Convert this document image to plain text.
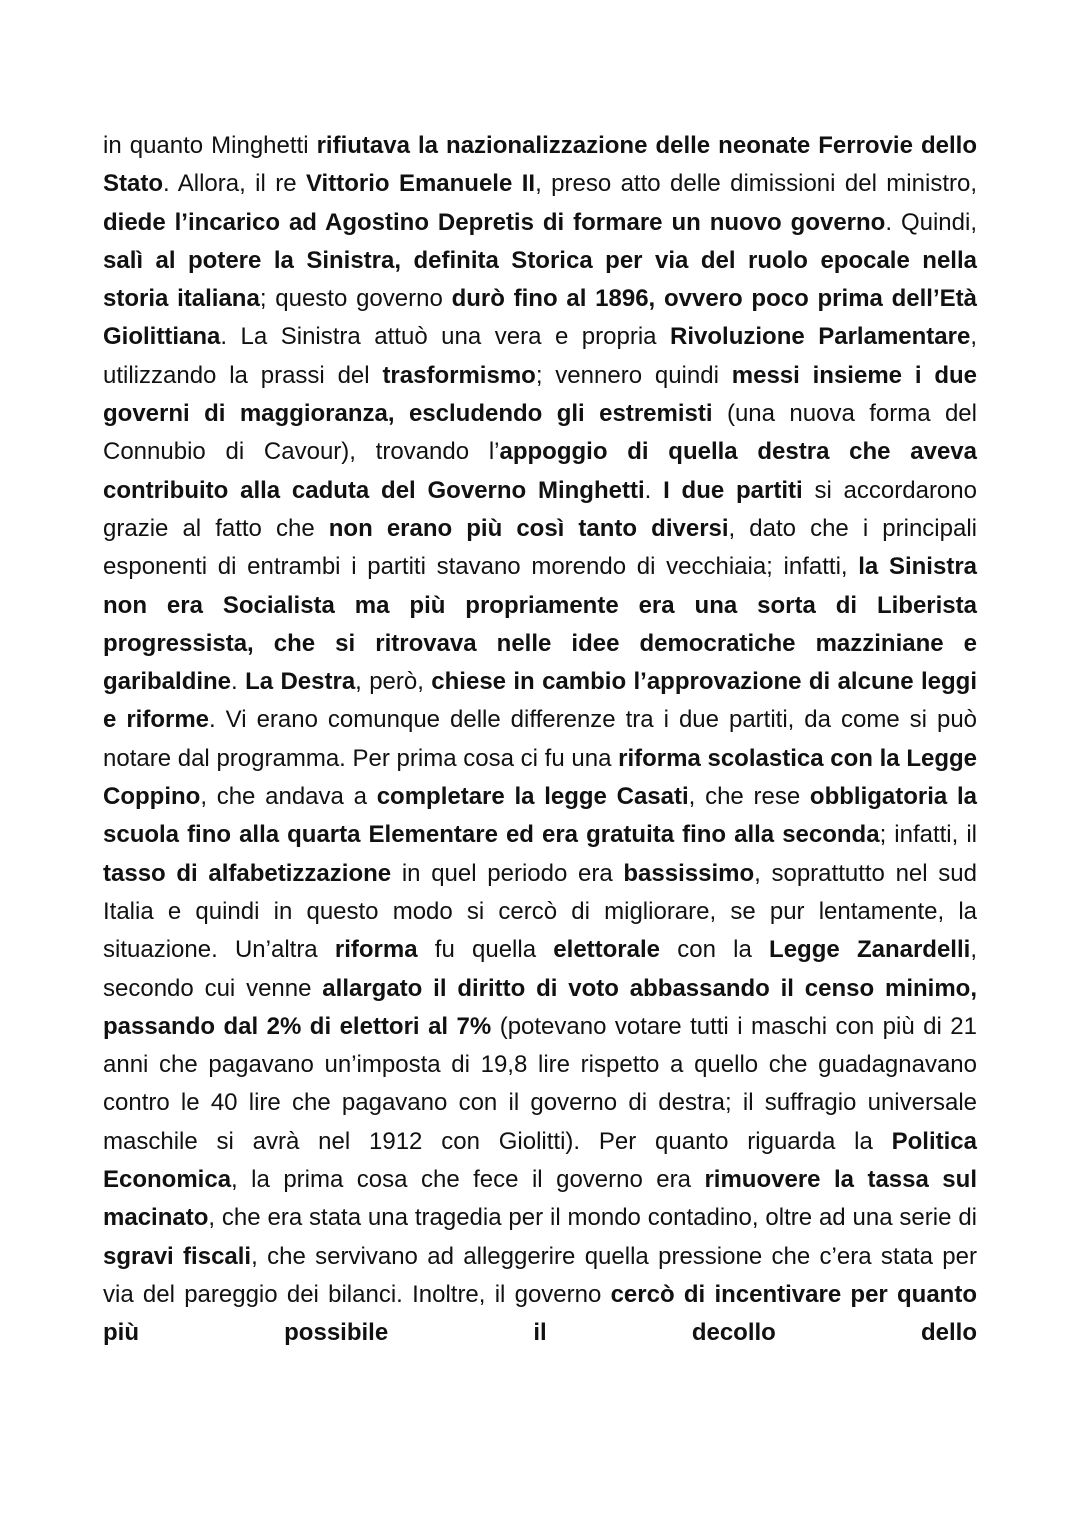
in quanto Minghetti rifiutava la nazionalizzazione delle neonate Ferrovie dello Stato. Allora, il re Vittorio Emanuele II, preso atto delle dimissioni del ministro, diede l’incarico ad Agostino Depretis di formare un nuovo governo. Quindi, salì al potere la Sinistra, definita Storica per via del ruolo epocale nella storia italiana; questo governo durò fino al 1896, ovvero poco prima dell’Età Giolittiana. La Sinistra attuò una vera e propria Rivoluzione Parlamentare, utilizzando la prassi del trasformismo; vennero quindi messi insieme i due governi di maggioranza, escludendo gli estremisti (una nuova forma del Connubio di Cavour), trovando l’appoggio di quella destra che aveva contribuito alla caduta del Governo Minghetti. I due partiti si accordarono grazie al fatto che non erano più così tanto diversi, dato che i principali esponenti di entrambi i partiti stavano morendo di vecchiaia; infatti, la Sinistra non era Socialista ma più propriamente era una sorta di Liberista progressista, che si ritrovava nelle idee democratiche mazziniane e garibaldine. La Destra, però, chiese in cambio l’approvazione di alcune leggi e riforme. Vi erano comunque delle differenze tra i due partiti, da come si può notare dal programma. Per prima cosa ci fu una riforma scolastica con la Legge Coppino, che andava a completare la legge Casati, che rese obbligatoria la scuola fino alla quarta Elementare ed era gratuita fino alla seconda; infatti, il tasso di alfabetizzazione in quel periodo era bassissimo, soprattutto nel sud Italia e quindi in questo modo si cercò di migliorare, se pur lentamente, la situazione. Un’altra riforma fu quella elettorale con la Legge Zanardelli, secondo cui venne allargato il diritto di voto abbassando il censo minimo, passando dal 2% di elettori al 7% (potevano votare tutti i maschi con più di 21 anni che pagavano un’imposta di 19,8 lire rispetto a quello che guadagnavano contro le 40 lire che pagavano con il governo di destra; il suffragio universale maschile si avrà nel 1912 con Giolitti). Per quanto riguarda la Politica Economica, la prima cosa che fece il governo era rimuovere la tassa sul macinato, che era stata una tragedia per il mondo contadino, oltre ad una serie di sgravi fiscali, che servivano ad alleggerire quella pressione che c’era stata per via del pareggio dei bilanci. Inoltre, il governo cercò di incentivare per quanto più possibile il decollo dello
